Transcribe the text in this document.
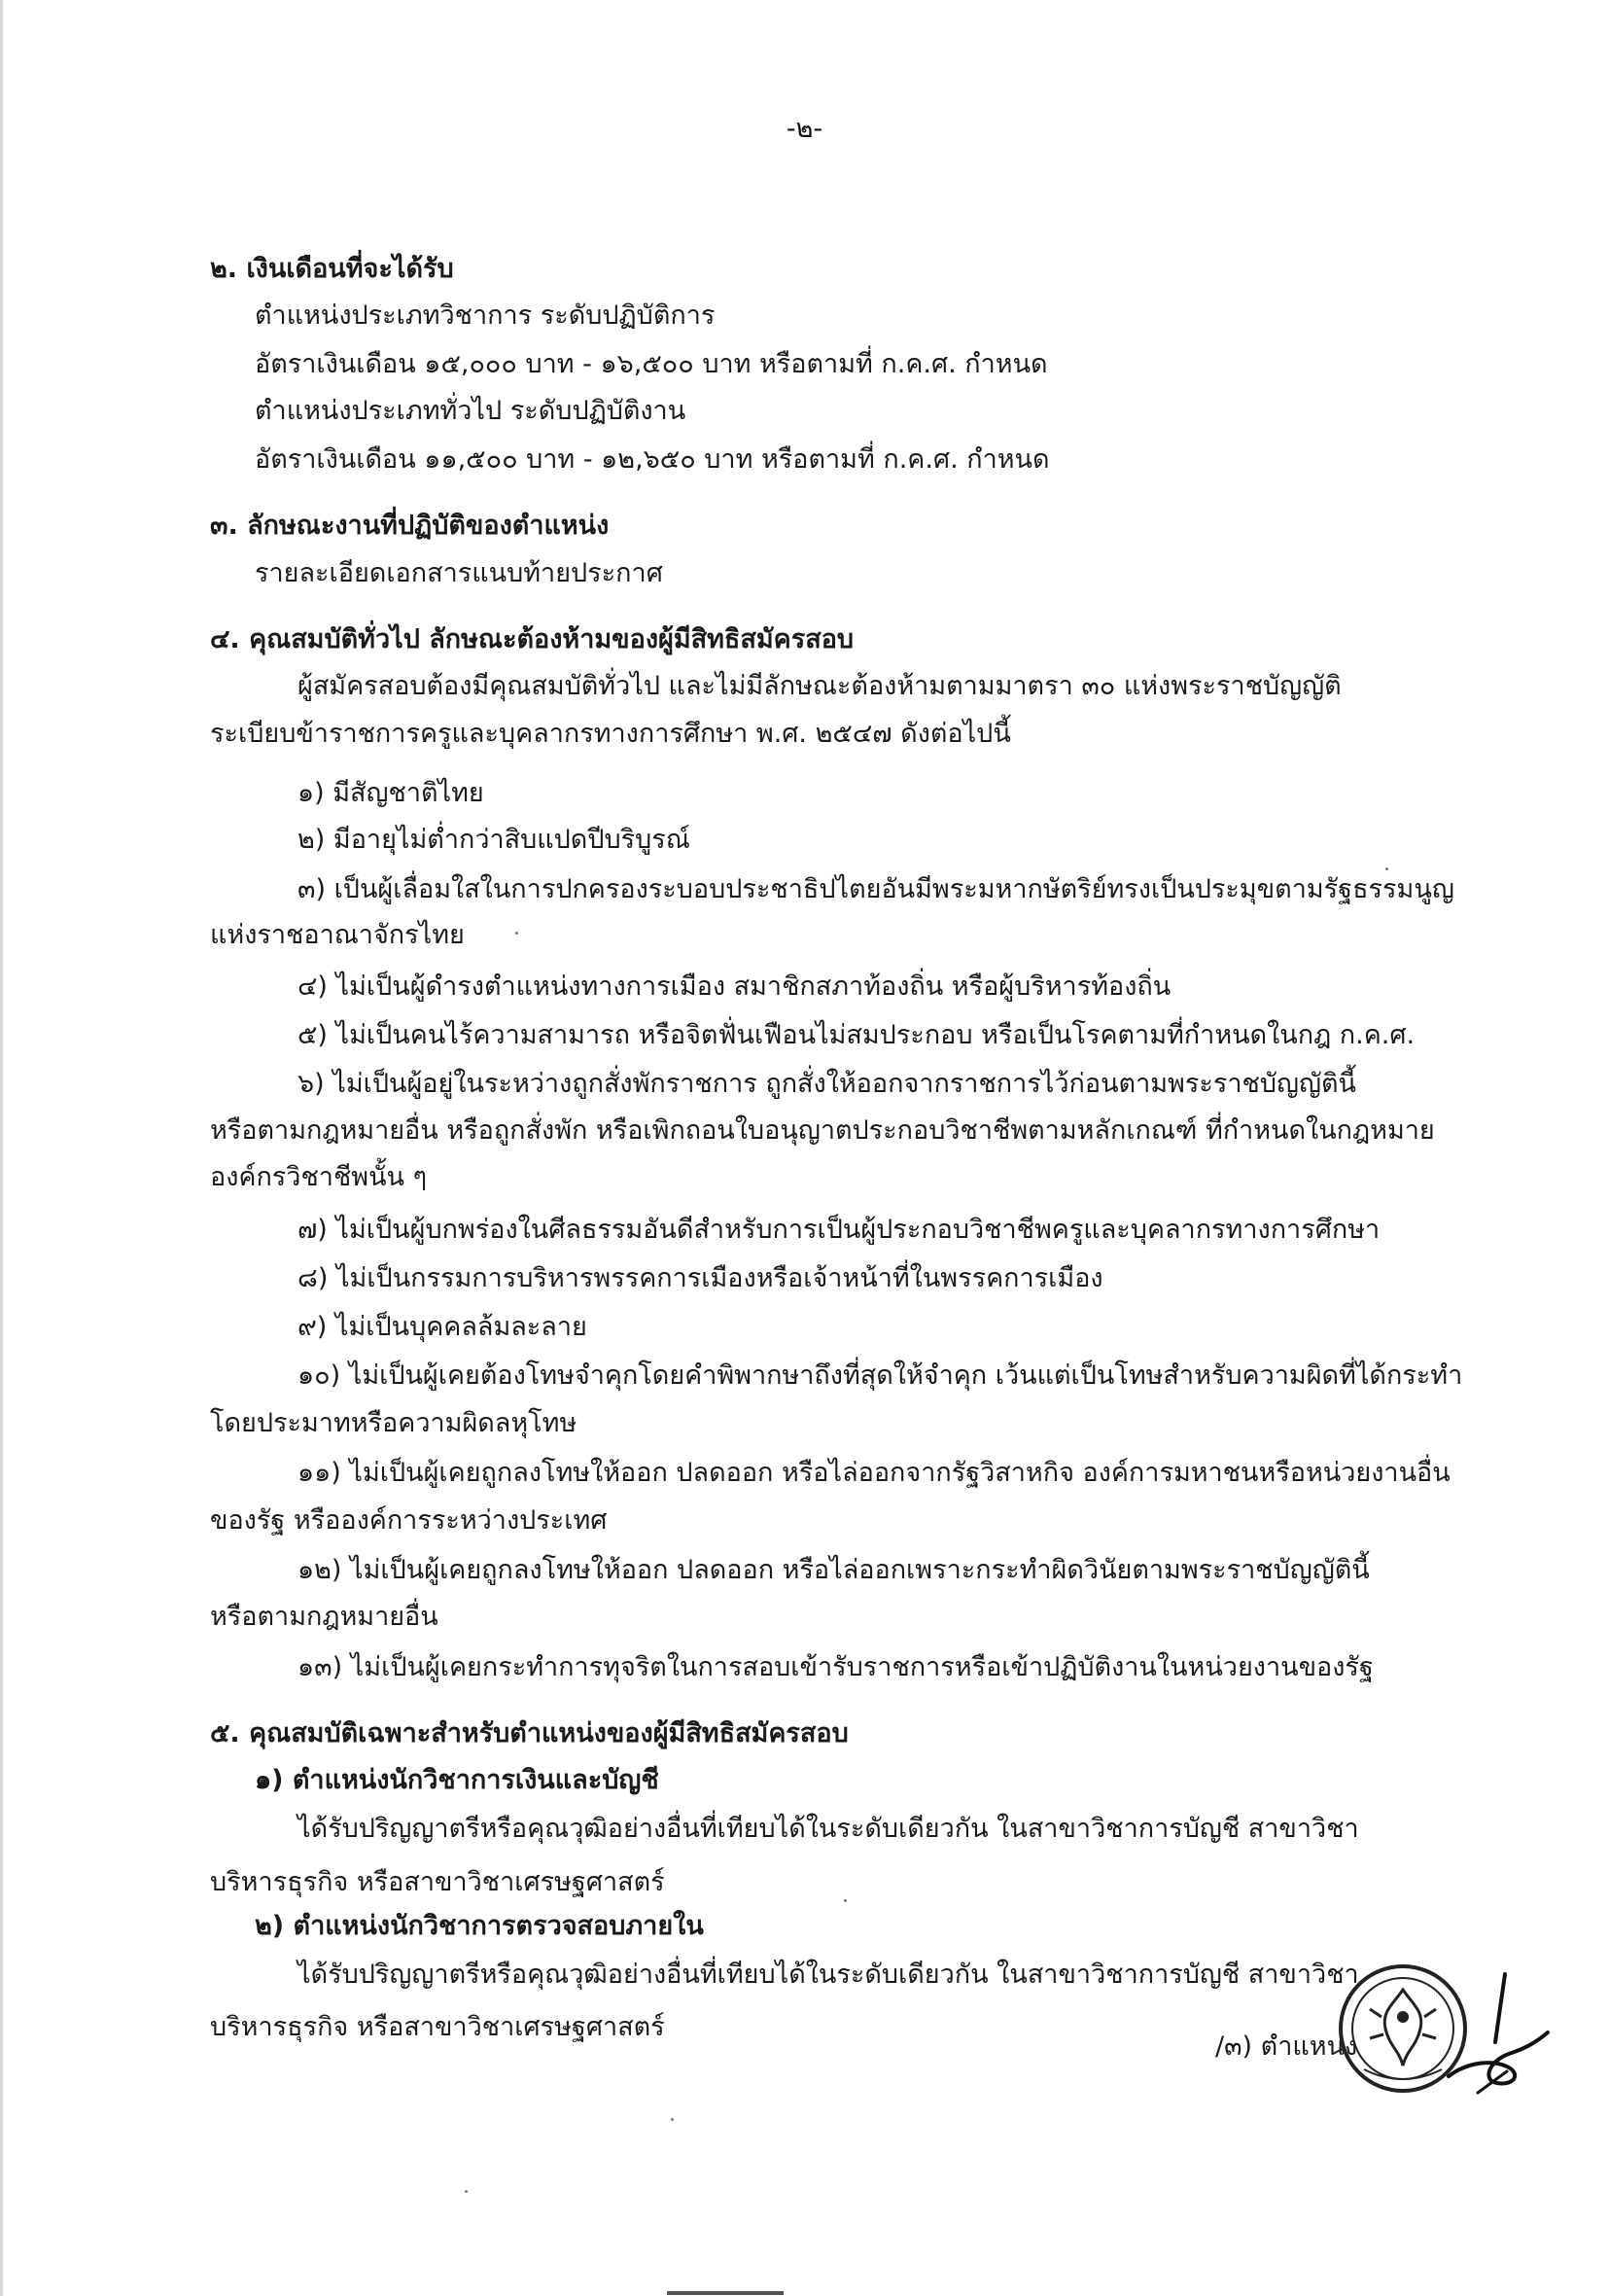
-๒-
๒. เงินเดือนที่จะได้รับ
ตำแหน่งประเภทวิชาการ ระดับปฏิบัติการ
อัตราเงินเดือน ๑๕,๐๐๐ บาท - ๑๖,๕๐๐ บาท หรือตามที่ ก.ค.ศ. กำหนด
ตำแหน่งประเภททั่วไป ระดับปฏิบัติงาน
อัตราเงินเดือน ๑๑,๕๐๐ บาท - ๑๒,๖๕๐ บาท หรือตามที่ ก.ค.ศ. กำหนด
๓. ลักษณะงานที่ปฏิบัติของตำแหน่ง
รายละเอียดเอกสารแนบท้ายประกาศ
๔. คุณสมบัติทั่วไป ลักษณะต้องห้ามของผู้มีสิทธิสมัครสอบ
ผู้สมัครสอบต้องมีคุณสมบัติทั่วไป และไม่มีลักษณะต้องห้ามตามมาตรา ๓๐ แห่งพระราชบัญญัติ
ระเบียบข้าราชการครูและบุคลากรทางการศึกษา พ.ศ. ๒๕๔๗ ดังต่อไปนี้
๑) มีสัญชาติไทย
๒) มีอายุไม่ต่ำกว่าสิบแปดปีบริบูรณ์
๓) เป็นผู้เลื่อมใสในการปกครองระบอบประชาธิปไตยอันมีพระมหากษัตริย์ทรงเป็นประมุขตามรัฐธรรมนูญ
แห่งราชอาณาจักรไทย
๔) ไม่เป็นผู้ดำรงตำแหน่งทางการเมือง สมาชิกสภาท้องถิ่น หรือผู้บริหารท้องถิ่น
๕) ไม่เป็นคนไร้ความสามารถ หรือจิตฟั่นเฟือนไม่สมประกอบ หรือเป็นโรคตามที่กำหนดในกฎ ก.ค.ศ.
๖) ไม่เป็นผู้อยู่ในระหว่างถูกสั่งพักราชการ ถูกสั่งให้ออกจากราชการไว้ก่อนตามพระราชบัญญัตินี้
หรือตามกฎหมายอื่น หรือถูกสั่งพัก หรือเพิกถอนใบอนุญาตประกอบวิชาชีพตามหลักเกณฑ์ ที่กำหนดในกฎหมาย
องค์กรวิชาชีพนั้น ๆ
๗) ไม่เป็นผู้บกพร่องในศีลธรรมอันดีสำหรับการเป็นผู้ประกอบวิชาชีพครูและบุคลากรทางการศึกษา
๘) ไม่เป็นกรรมการบริหารพรรคการเมืองหรือเจ้าหน้าที่ในพรรคการเมือง
๙) ไม่เป็นบุคคลล้มละลาย
๑๐) ไม่เป็นผู้เคยต้องโทษจำคุกโดยคำพิพากษาถึงที่สุดให้จำคุก เว้นแต่เป็นโทษสำหรับความผิดที่ได้กระทำ
โดยประมาทหรือความผิดลหุโทษ
๑๑) ไม่เป็นผู้เคยถูกลงโทษให้ออก ปลดออก หรือไล่ออกจากรัฐวิสาหกิจ องค์การมหาชนหรือหน่วยงานอื่น
ของรัฐ หรือองค์การระหว่างประเทศ
๑๒) ไม่เป็นผู้เคยถูกลงโทษให้ออก ปลดออก หรือไล่ออกเพราะกระทำผิดวินัยตามพระราชบัญญัตินี้
หรือตามกฎหมายอื่น
๑๓) ไม่เป็นผู้เคยกระทำการทุจริตในการสอบเข้ารับราชการหรือเข้าปฏิบัติงานในหน่วยงานของรัฐ
๕. คุณสมบัติเฉพาะสำหรับตำแหน่งของผู้มีสิทธิสมัครสอบ
๑) ตำแหน่งนักวิชาการเงินและบัญชี
ได้รับปริญญาตรีหรือคุณวุฒิอย่างอื่นที่เทียบได้ในระดับเดียวกัน ในสาขาวิชาการบัญชี สาขาวิชา
บริหารธุรกิจ หรือสาขาวิชาเศรษฐศาสตร์
๒) ตำแหน่งนักวิชาการตรวจสอบภายใน
ได้รับปริญญาตรีหรือคุณวุฒิอย่างอื่นที่เทียบได้ในระดับเดียวกัน ในสาขาวิชาการบัญชี สาขาวิชา
บริหารธุรกิจ หรือสาขาวิชาเศรษฐศาสตร์
/๓) ตำแหน่ง
